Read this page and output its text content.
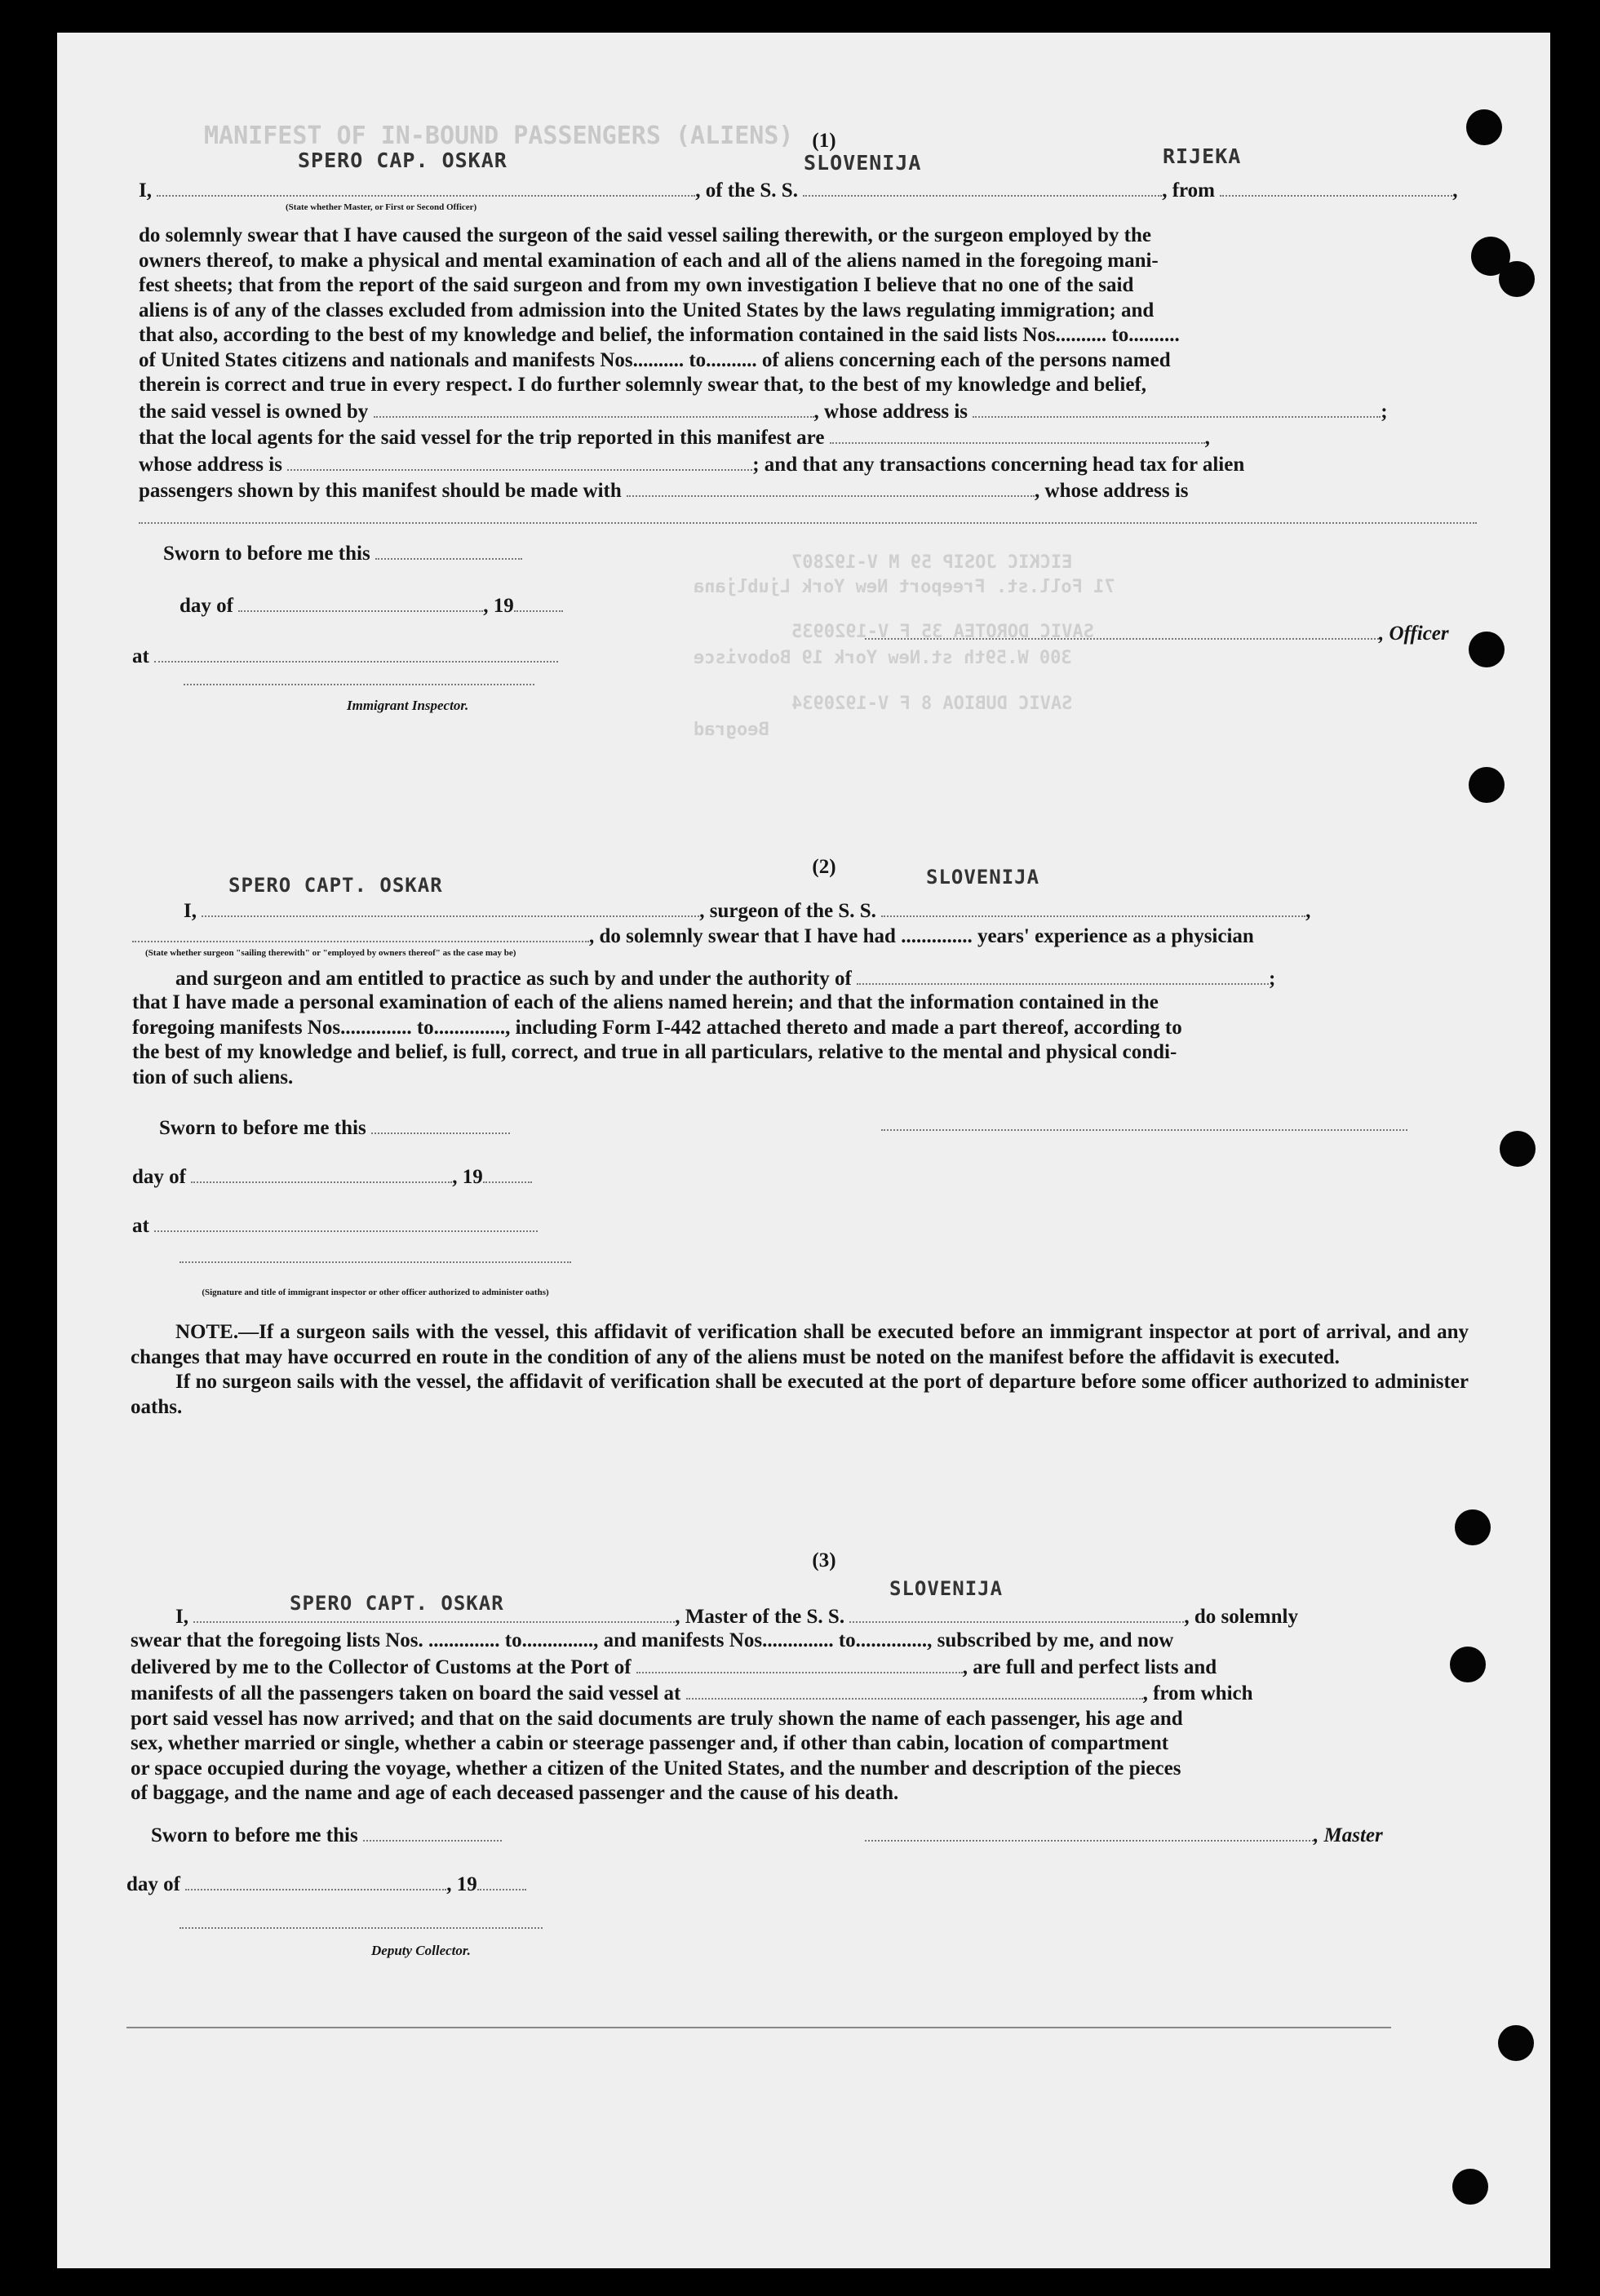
MANIFEST OF IN-BOUND PASSENGERS (ALIENS)
EICKIC JOSIP 59 M V-192807
71 Foll.st. Freeport New York Ljubljana
SAVIC DOROTEA 35 F V-1920935
300 W.59th st.New York 19 Bobovisce
SAVIC DUBIOA 8 F V-1920934
Beograd
(1)
SPERO CAP. OSKAR	SLOVENIJA	RIJEKA
I,	, of the S. S.	, from	,
(State whether Master, or First or Second Officer)
do solemnly swear that I have caused the surgeon of the said vessel sailing therewith, or the surgeon employed by the
owners thereof, to make a physical and mental examination of each and all of the aliens named in the foregoing mani-
fest sheets; that from the report of the said surgeon and from my own investigation I believe that no one of the said
aliens is of any of the classes excluded from admission into the United States by the laws regulating immigration; and
that also, according to the best of my knowledge and belief, the information contained in the said lists Nos.......... to..........
of United States citizens and nationals and manifests Nos.......... to.......... of aliens concerning each of the persons named
therein is correct and true in every respect. I do further solemnly swear that, to the best of my knowledge and belief,
the said vessel is owned by	, whose address is	;
that the local agents for the said vessel for the trip reported in this manifest are	,
whose address is	; and that any transactions concerning head tax for alien
passengers shown by this manifest should be made with	, whose address is
Sworn to before me this
day of	, 19
at
, Officer
Immigrant Inspector.
(2)
SPERO CAPT. OSKAR	SLOVENIJA
I,	, surgeon of the S. S.	,
, do solemnly swear that I have had .............. years' experience as a physician
(State whether surgeon "sailing therewith" or "employed by owners thereof" as the case may be)
and surgeon and am entitled to practice as such by and under the authority of	;
that I have made a personal examination of each of the aliens named herein; and that the information contained in the
foregoing manifests Nos.............. to.............., including Form I-442 attached thereto and made a part thereof, according to
the best of my knowledge and belief, is full, correct, and true in all particulars, relative to the mental and physical condi-
tion of such aliens.
Sworn to before me this
day of	, 19
at
(Signature and title of immigrant inspector or other officer authorized to administer oaths)

NOTE.—If a surgeon sails with the vessel, this affidavit of verification shall be executed before an immigrant inspector at port of arrival, and any changes that may have occurred en route in the condition of any of the aliens must be noted on the manifest before the affidavit is executed.

If no surgeon sails with the vessel, the affidavit of verification shall be executed at the port of departure before some officer authorized to administer oaths.

(3)
SPERO CAPT. OSKAR
SLOVENIJA
I,	, Master of the S. S.	, do solemnly
swear that the foregoing lists Nos. .............. to.............., and manifests Nos.............. to.............., subscribed by me, and now
delivered by me to the Collector of Customs at the Port of	, are full and perfect lists and
manifests of all the passengers taken on board the said vessel at	, from which
port said vessel has now arrived; and that on the said documents are truly shown the name of each passenger, his age and
sex, whether married or single, whether a cabin or steerage passenger and, if other than cabin, location of compartment
or space occupied during the voyage, whether a citizen of the United States, and the number and description of the pieces
of baggage, and the name and age of each deceased passenger and the cause of his death.
Sworn to before me this	, Master
day of	, 19
Deputy Collector.
